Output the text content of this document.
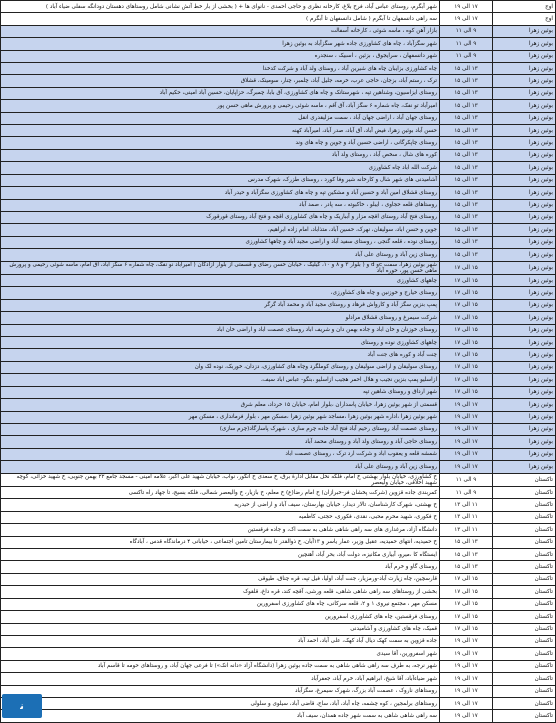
اوج	۱۷ الی ۱۹	شهر آبگرم، روستای عباس آباد، فرخ بلاغ، کارخانه نظری و حاجی احمدی - نانوای ها + ( بخشی از بار خط آتش نشانی شامل روستاهای دهستان دودانگه سفلی ضیاء آباد )
اوج	۱۷ الی ۱۹	سه راهی دانسفهان تا آبگرم ( شامل دانسفهان تا آبگرم )
بوئین زهرا	۹ الی ۱۱	بازار آهن کوه ، ماسه شوئی ، کارخانه آسفالت
بوئین زهرا	۹ الی ۱۱	شهر سگزآباد ، چاه های کشاورزی جاده شهر سگزآباد به بوئین زهرا
بوئین زهرا	۹ الی ۱۱	شهر دانسفهان ، سرایجوق ، بزئین ، اسبیک ، سنجدره
بوئین زهرا	۱۳ الی ۱۵	چاه کشاورزی بزایبان چاه های شیرین آباد ، روستای ولد آباد و شرکت کدخدا
بوئین زهرا	۱۳ الی ۱۵	ترک ، رستم آباد، بزجان، حاجی عرب، خرمه، جلیل آباد، چلمبر، چنار، سومینک، قشلاق
بوئین زهرا	۱۳ الی ۱۵	روستای ایزاسیون، وشناهین تپه ، شهرستانک و چاه های کشاورزی، آق بابا، چمبرگ، حزاپایان، حسین آباد امینی، حکیم آباد
بوئین زهرا	۱۳ الی ۱۵	امیرآباد تو نفک، چاه شماره ۶ سگز آباد، آق آقم ، ماسه شوئی رحیمی و پرورش ماهی حسن پور
بوئین زهرا	۱۳ الی ۱۵	روستای جهان آباد ، اراضی جهان آباد ، سمت مزلیقدری انقل
بوئین زهرا	۱۳ الی ۱۵	حسن آباد بوئین زهرا، فیض آباد، آق آباد، صدر آباد، امیرآباد کهنه
بوئین زهرا	۱۳ الی ۱۵	روستای چاپکرگانی ، اراضی حسین آباد و جوین و چاه های وند
بوئین زهرا	۱۳ الی ۱۵	کوره های شال ، سخص آباد ، روستای ولد آباد
بوئین زهرا	۱۳ الی ۱۵	شرکت الله اباد چاه کشاورزی
بوئین زهرا	۱۳ الی ۱۵	آشامیدنی های شهر شال و کارخانه شیر وفا کورد ، روستای طزرک، شهرک مدرس
بوئین زهرا	۱۳ الی ۱۵	روستای قشلاق امین آباد و حسین آباد و مشکین تپه و چاه های کشاورزی سگزآباد و حیدر آباد
بوئین زهرا	۱۳ الی ۱۵	روستاهای قلعه حجاوی ، ایبلو ، خاکبوته ، سه پادر ، صمد آباد
بوئین زهرا	۱۳ الی ۱۵	روستای فتح آباد روستای اقچه مزار و آبباریک و چاه های کشاورزی اقچه و فتح آباد روستای قورقورک
بوئین زهرا	۱۳ الی ۱۵	جوین و حسن اباد، سولیقان، نهرک، حسین آباد، متذاباد، امام زاده ابراهیم،
بوئین زهرا	۱۳ الی ۱۵	روستای نوده ، قلعه گنجی ، روستای سفید آباد و اراضی مجید آباد و چاهها کشاورزی
بوئین زهرا	۱۳ الی ۱۵	روستای زین آباد و روستای علی آباد
بوئین زهرا	۱۵ الی ۱۷	شهر بوئین زهرا، سمت cو d و ( بلوار ۳ و ۸ و ۱۰، گیلیک ، خیابان حسن رضای و قسمتی از بلوار آزادگان ( امیرآباد نو نفک، چاه شماره ۶ سگز آباد، آق امام، ماسه شوئی رحیمی و پرورش ماهی حسن پور، حوره آباد
بوئین زهرا	۱۵ الی ۱۷	چاههای کشاورزی
بوئین زهرا	۱۵ الی ۱۷	روستای خیارج و خوزنین و چاه های کشاورزی،
بوئین زهرا	۱۵ الی ۱۷	پمپ بنزین سگز آباد و کارواش فرهاد و روستای مجید آباد و محمد آباد گرگر
بوئین زهرا	۱۵ الی ۱۷	شرکت سیمرغ و روستای قشلاق مرادلو
بوئین زهرا	۱۵ الی ۱۷	روستای خوزنان و خان اباد و جاده بهمن دان و شریف اباد روستای عصمت اباد و اراضی خان اباد
بوئین زهرا	۱۵ الی ۱۷	چاههای کشاورزی نوده و روستای
بوئین زهرا	۱۵ الی ۱۷	چنت آباد و کوره های جنت آباد
بوئین زهرا	۱۵ الی ۱۷	روستای سولیقان و اراضی سولیقان و روستای کوملگرد وچاه های کشاورزی، دزدان، خوربک، نوده لک وان
بوئین زهرا	۱۵ الی ۱۷	ازاسلیو پمپ بنزین نجیب و هلال احمر هجیب ازاسلیو ،بنگو- عباس اباد سیف،
بوئین زهرا	۱۵ الی ۱۷	شهر ارداق و روستای شاهین تپه
بوئین زهرا	۱۷ الی ۱۹	قسمتی از شهر بوئین زهرا، خیابان پاسداران ،بلوار امام، خیابان ۱۵ خرداد، معلم شرق
بوئین زهرا	۱۷ الی ۱۹	شهر بوئین زهرا ،اداره شهر بوئین زهرا ،مساجد شهر بوئین زهرا ،مسکن مهر ، بلوار فرمانداری ، مسکن مهر
بوئین زهرا	۱۷ الی ۱۹	روستای عصمت آباد روستای رحیم آباد فتح آباد جاده چرم سازی ، شهرک پاسارگاد(چرم سازی)
بوئین زهرا	۱۷ الی ۱۹	روستای حاجی آباد و روستای ولد آباد و روستای محمد آباد
بوئین زهرا	۱۷ الی ۱۹	شمشه قلعه و یعقوب اباد و شرکت ارد ترک ، روستای عصمت اباد
بوئین زهرا	۱۷ الی ۱۹	روستای زین آباد و روستای علی آباد
تاکستان	۹ الی ۱۱	خ کشاورزی، خیابان بلوار بهشتی خ امام، فلکه نخل مقابل ادارهٔ برق، خ سعدی خ انگور، نواب، خیابان شهید علی اکبر، علامه امینی - مسجد جامع ۲۲ بهمن جنوبی، خ شهید خزائی، کوچه شهید اخلاقی، خیابان ولیعصر
تاکستان	۹ الی ۱۱	کمربندی جاده قزوین (شرکت پخشان فر-خبرازان) خ امام رضا(ع) خ معلم، خ بازیار، خ والیعصر شمالی، فلکه بسیج، تا جهاد راه تاکسی
تاکستان	۱۱ الی ۱۳	خ بهشتی، شهرک کارشناسان، تالار دیدار، خیابان بهارستان، سیف آباد و اراضی از حیدریه
تاکستان	۱۱ الی ۱۳	خ فکوری، شهید محرم محبی، نقدی، فکوری، حجتی، کاظمیه
تاکستان	۱۱ الی ۱۳	دانشگاه آزاد، مرغداری های سه راهی شاهی شاهی به سمت اک، و جاده فرقستین
تاکستان	۱۳ الی ۱۵	خ حمیدیه، انتهای حمیدیه، عقیل وزیر، عمار یاسر و ۱۳آبان، خ ذوالقدر تا بیمارستان تامین اجتماعی ، خیابانی ۴ درماندگاه قدس ، آبادگاه
تاکستان	۱۳ الی ۱۵	ایستگاه کا ،میرو، آبیاری مکانیزه، دولت آباد، بحر آباد، آهنچین
تاکستان	۱۳ الی ۱۵	روستای گاو و خرم آباد
تاکستان	۱۵ الی ۱۷	قارسچین، چاه زیارت آباد-ورمزیار، جنت آباد، اولیا، فیل تپه، قره چناق، طیوقی
تاکستان	۱۵ الی ۱۷	بخشی از روستاهای سه راهی شاهی شاهی، قلعه ورشی، آقچه کند، قره داغ، قلقوک
تاکستان	۱۵ الی ۱۷	مسکن مهر ، مجتمع نیروی ۱ و ۲، قلعه سرکانی، چاه های کشاورزی اسفرورین
تاکستان	۱۵ الی ۱۷	روستای فرقستین، چاه های کشاورزی اسفرورین
تاکستان	۱۵ الی ۱۷	قمیک، چاه های کشاورزی و آشامیدنی
تاکستان	۱۷ الی ۱۹	جاده قزوین به سمت کهک دیال آباد کهک، علی آباد، احمد آباد
تاکستان	۱۷ الی ۱۹	شهر اسفرورین، آقا سیدی
تاکستان	۱۷ الی ۱۹	شهر نرجه، به طرف سه راهی شاهی شاهی به سمت جاده بوئین زهرا (دانشگاه آزاد «دانه انک») تا فرعی جهان آباد، و روستاهای حومه تا قاسم آباد
تاکستان	۱۷ الی ۱۹	شهر ضیاءآباد، آقا شیخ، ابراهیم آباد، خرم آباد، جعفرآباد
تاکستان	۱۷ الی ۱۹	روستاهای ناروک ، عصمت آباد بزرگ، شهرک سیمرغ، سگزآباد
تاکستان	۱۷ الی ۱۹	روستاهای برلمجین ، کوه چشمه، چاه آباد، آباد، ساج، قاضی آباد، سیلوی و سلولی
تاکستان	۱۷ الی ۱۹	سه راهی شاهی شاهی به سمت شهر جاده همدان، سیف آباد
ﻧ
